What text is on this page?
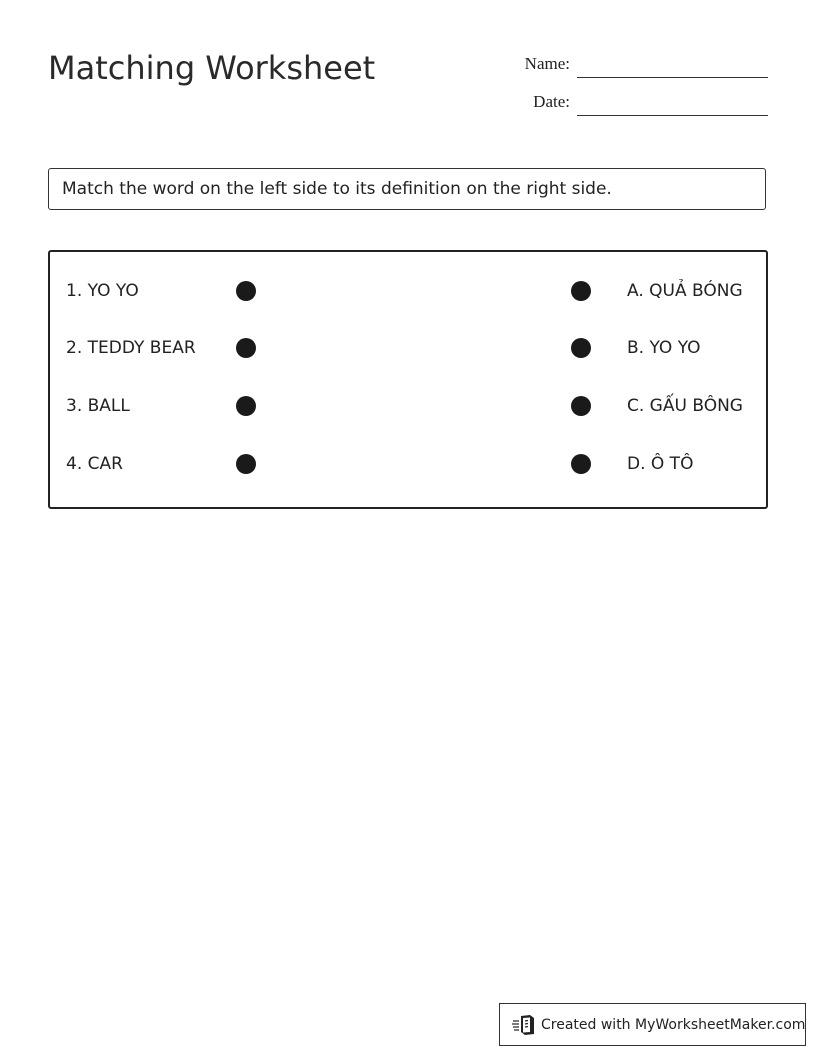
Matching Worksheet	Name:
Date:
Match the word on the left side to its definition on the right side.
1. YO YO	A. QUẢ BÓNG
2. TEDDY BEAR	B. YO YO
3. BALL	C. GẤU BÔNG
4. CAR	D. Ô TÔ
Created with MyWorksheetMaker.com
